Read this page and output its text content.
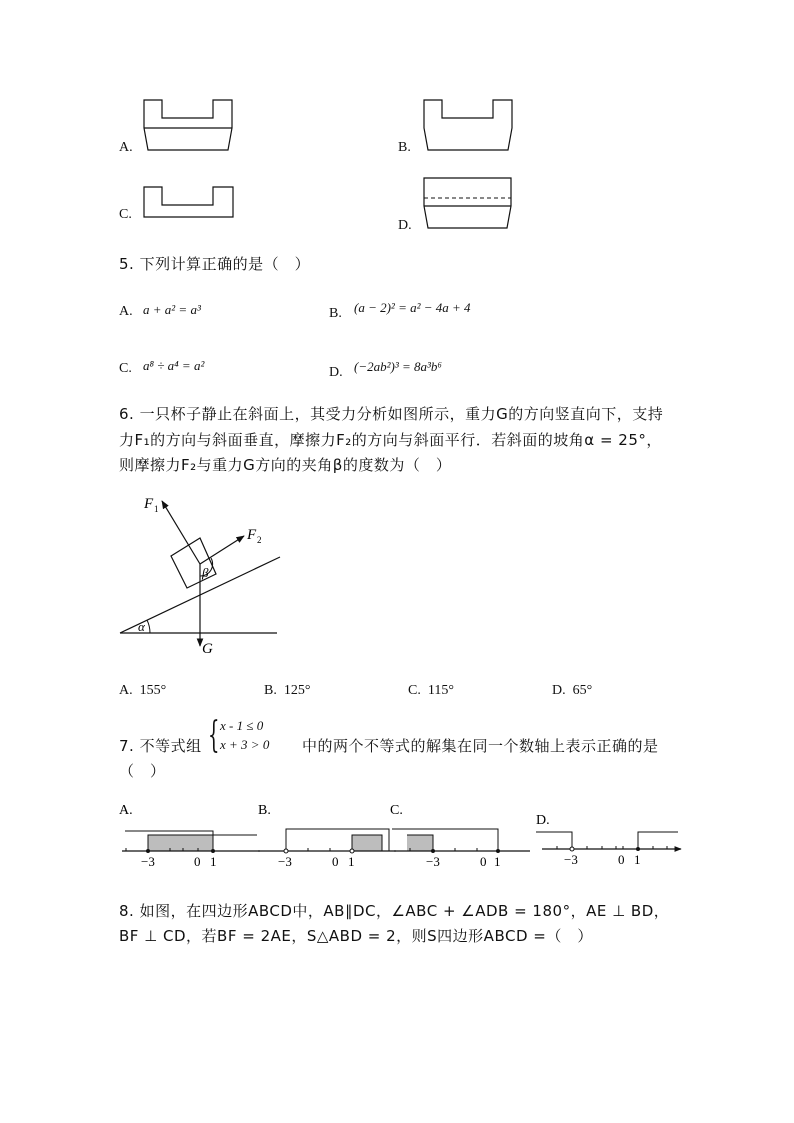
A.	B.
C.
D.
5. 下列计算正确的是（　）
A. a + a² = a³	B. (a − 2)² = a² − 4a + 4
C. a⁸ ÷ a⁴ = a²	D. (−2ab²)³ = 8a³b⁶
6. 一只杯子静止在斜面上，其受力分析如图所示，重力G的方向竖直向下，支持
力F₁的方向与斜面垂直，摩擦力F₂的方向与斜面平行．若斜面的坡角α = 25°，
则摩擦力F₂与重力G方向的夹角β的度数为（　）
α
G
F 1
F 2
β
A. 155°	B. 125°	C. 115°	D. 65°
7. 不等式组 { x - 1 ≤ 0
x + 3 > 0 中的两个不等式的解集在同一个数轴上表示正确的是
（　）
A.
−3	0 1
B.
−3	0 1
C.
−3	0 1
D.
−3	0 1
8. 如图，在四边形ABCD中，AB∥DC，∠ABC + ∠ADB = 180°，AE ⊥ BD，
BF ⊥ CD，若BF = 2AE，S△ABD = 2，则S四边形ABCD =（　）
